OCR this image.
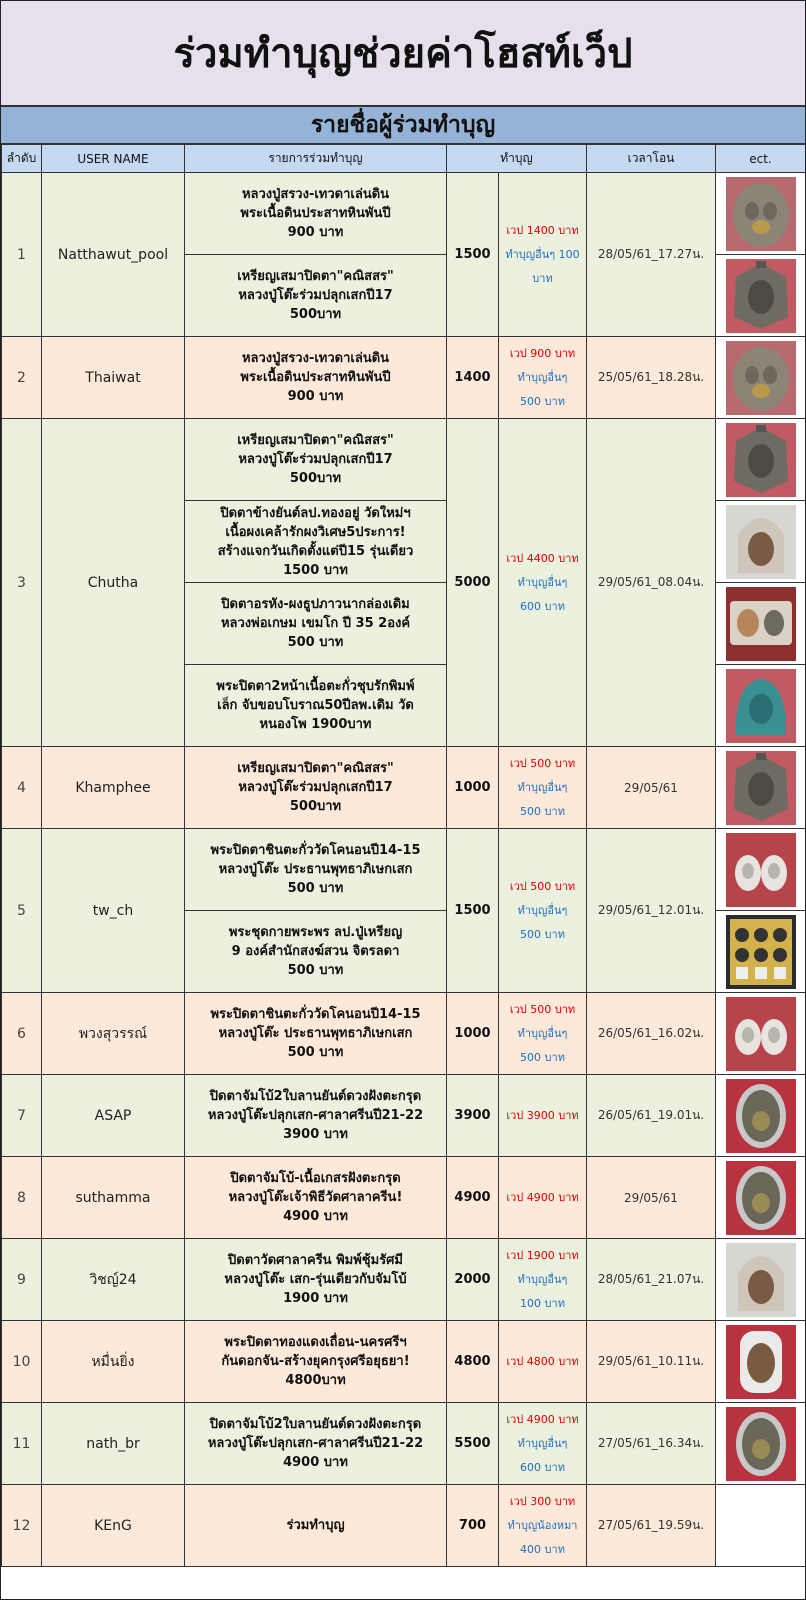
ร่วมทำบุญช่วยค่าโฮสท์เว็ป
รายชื่อผู้ร่วมทำบุญ
ลำดับ	USER NAME	รายการร่วมทำบุญ	ทำบุญ		เวลาโอน	ect.
1	Natthawut_pool	หลวงปู่สรวง-เทวดาเล่นดิน
พระเนื้อดินประสาทหินพันปี
900 บาท	1500	เวป 1400 บาท
ทำบุญอื่นๆ 100 บาท	28/05/61_17.27น.	

		เหรียญเสมาปิดตา"คณิสสร"
หลวงปู่โต๊ะร่วมปลุกเสกปี17
500บาท	

2	Thaiwat	หลวงปู่สรวง-เทวดาเล่นดิน
พระเนื้อดินประสาทหินพันปี
900 บาท	1400	เวป 900 บาท
ทำบุญอื่นๆ
500 บาท	25/05/61_18.28น.	

3	Chutha	เหรียญเสมาปิดตา"คณิสสร"
หลวงปู่โต๊ะร่วมปลุกเสกปี17
500บาท	5000	เวป 4400 บาท
ทำบุญอื่นๆ
600 บาท	29/05/61_08.04น.	

		ปิดตาข้างยันต์ลป.ทองอยู่ วัดใหม่ฯ
เนื้อผงเคล้ารักผงวิเศษ5ประการ!
สร้างแจกวันเกิดตั้งแต่ปี15 รุ่นเดียว
1500 บาท	

		ปิดตาอรหัง-ผงธูปภาวนากล่องเดิม
หลวงพ่อเกษม เขมโก ปี 35 2องค์
500 บาท	

		พระปิดตา2หน้าเนื้อตะกั่วชุบรักพิมพ์
เล็ก จับขอบโบราณ50ปีลพ.เดิม วัด
หนองโพ 1900บาท	

4	Khamphee	เหรียญเสมาปิดตา"คณิสสร"
หลวงปู่โต๊ะร่วมปลุกเสกปี17
500บาท	1000	เวป 500 บาท
ทำบุญอื่นๆ
500 บาท	29/05/61	

5	tw_ch	พระปิดตาชินตะกั่ววัดโคนอนปี14-15
หลวงปู่โต๊ะ ประธานพุทธาภิเษกเสก
500 บาท	1500	เวป 500 บาท
ทำบุญอื่นๆ
500 บาท	29/05/61_12.01น.	

		พระชุดกายพระพร ลป.ปู่เหรียญ
9 องค์สำนักสงฆ์สวน จิตรลดา
500 บาท	

6	พวงสุวรรณ์	พระปิดตาชินตะกั่ววัดโคนอนปี14-15
หลวงปู่โต๊ะ ประธานพุทธาภิเษกเสก
500 บาท	1000	เวป 500 บาท
ทำบุญอื่นๆ
500 บาท	26/05/61_16.02น.	

7	ASAP	ปิดตาจัมโบ้2ใบลานยันต์ดวงฝังตะกรุด
หลวงปู่โต๊ะปลุกเสก-ศาลาศรีนปี21-22
3900 บาท	3900	เวป 3900 บาท	26/05/61_19.01น.	

8	suthamma	ปิดตาจัมโบ้-เนื้อเกสรฝังตะกรุด
หลวงปู่โต๊ะเจ้าพิธีวัดศาลาครีน!
4900 บาท	4900	เวป 4900 บาท	29/05/61	

9	วิชญ์24	ปิดตาวัดศาลาครีน พิมพ์ชุ้มรัศมี
หลวงปู่โต๊ะ เสก-รุ่นเดียวกับจัมโบ้
1900 บาท	2000	เวป 1900 บาท
ทำบุญอื่นๆ
100 บาท	28/05/61_21.07น.	

10	หมื่นยิ่ง	พระปิดตาทองแดงเถื่อน-นครศรีฯ
กันดอกจัน-สร้างยุคกรุงศรีอยุธยา!
4800บาท	4800	เวป 4800 บาท	29/05/61_10.11น.	

11	nath_br	ปิดตาจัมโบ้2ใบลานยันต์ดวงฝังตะกรุด
หลวงปู่โต๊ะปลุกเสก-ศาลาศรีนปี21-22
4900 บาท	5500	เวป 4900 บาท
ทำบุญอื่นๆ
600 บาท	27/05/61_16.34น.	

12	KEnG	ร่วมทำบุญ	700	เวป 300 บาท
ทำบุญน้องหมา
400 บาท	27/05/61_19.59น.	
